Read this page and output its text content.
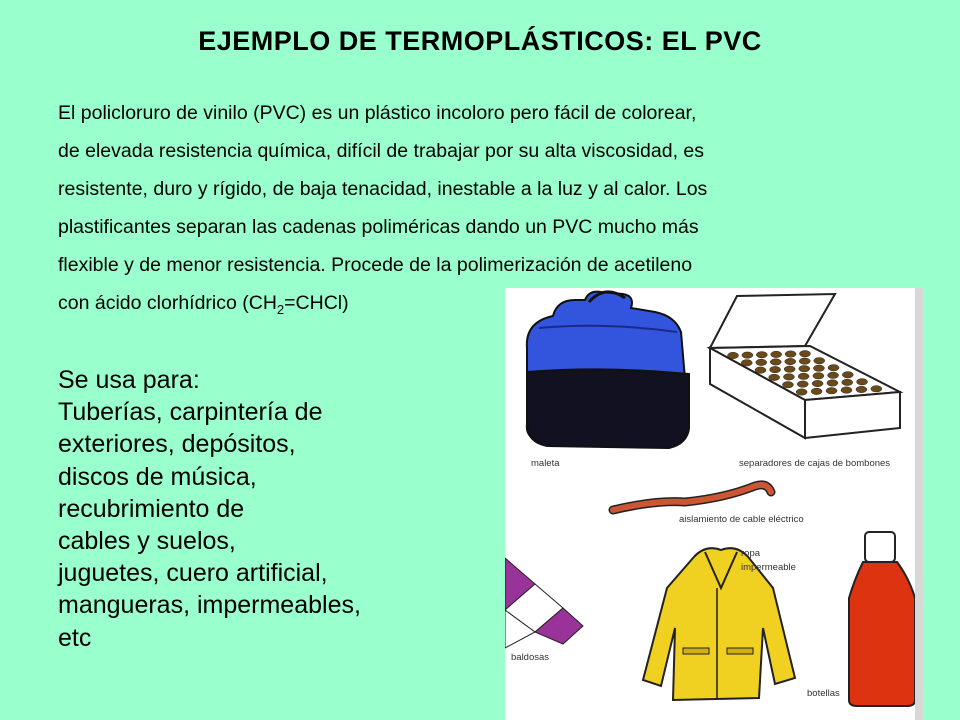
EJEMPLO DE TERMOPLÁSTICOS: EL PVC
El policloruro de vinilo (PVC) es un plástico incoloro pero fácil de colorear,
de elevada resistencia química, difícil de trabajar por su alta viscosidad, es
resistente, duro y rígido, de baja tenacidad, inestable a la luz y al calor. Los
plastificantes separan las cadenas poliméricas dando un PVC mucho más
flexible y de menor resistencia. Procede de la polimerización de acetileno
con ácido clorhídrico $(CH_2=CHCl)$
Se usa para:
Tuberías, carpintería de
exteriores, depósitos,
discos de música,
recubrimiento de
cables y suelos,
juguetes, cuero artificial,
mangueras, impermeables,
etc
maleta	separadores de cajas de bombones
aislamiento de cable eléctrico
ropa
impermeable
baldosas
botellas
